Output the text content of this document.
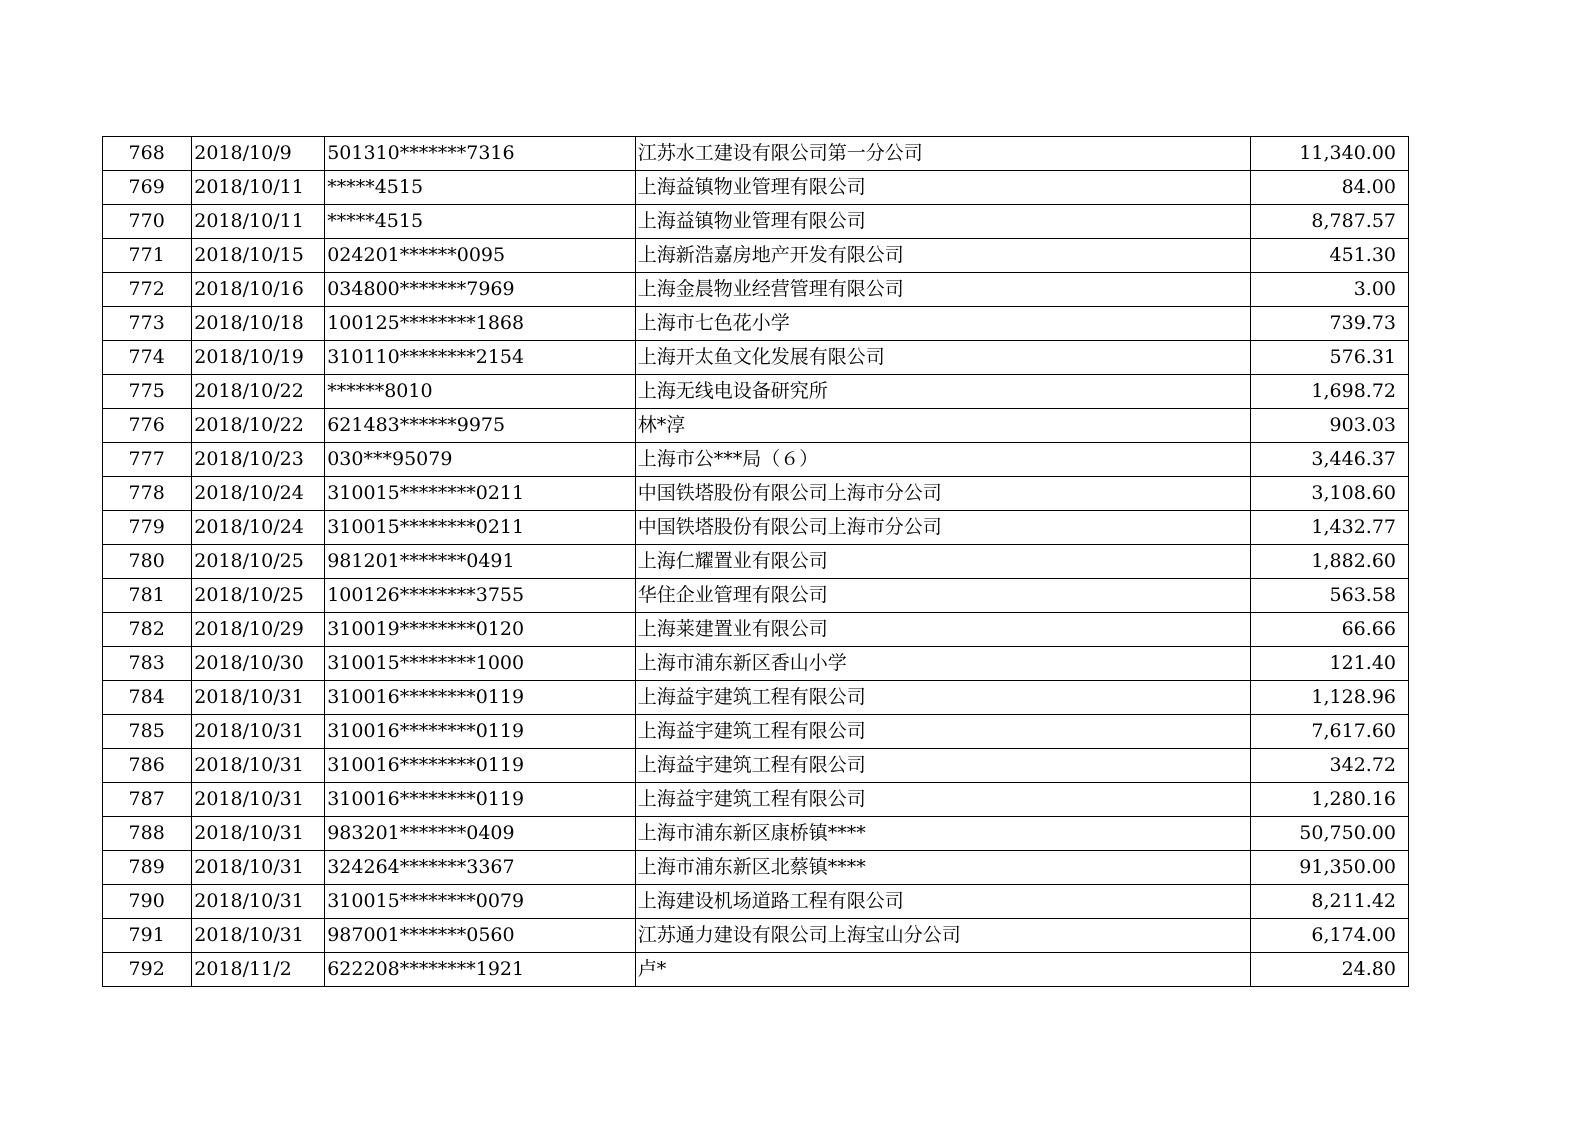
768	2018/10/9	501310*******7316	江苏水工建设有限公司第一分公司	11,340.00
769	2018/10/11	*****4515	上海益镇物业管理有限公司	84.00
770	2018/10/11	*****4515	上海益镇物业管理有限公司	8,787.57
771	2018/10/15	024201******0095	上海新浩嘉房地产开发有限公司	451.30
772	2018/10/16	034800*******7969	上海金晨物业经营管理有限公司	3.00
773	2018/10/18	100125********1868	上海市七色花小学	739.73
774	2018/10/19	310110********2154	上海开太鱼文化发展有限公司	576.31
775	2018/10/22	******8010	上海无线电设备研究所	1,698.72
776	2018/10/22	621483******9975	林*淳	903.03
777	2018/10/23	030***95079	上海市公***局（６）	3,446.37
778	2018/10/24	310015********0211	中国铁塔股份有限公司上海市分公司	3,108.60
779	2018/10/24	310015********0211	中国铁塔股份有限公司上海市分公司	1,432.77
780	2018/10/25	981201*******0491	上海仁耀置业有限公司	1,882.60
781	2018/10/25	100126********3755	华住企业管理有限公司	563.58
782	2018/10/29	310019********0120	上海莱建置业有限公司	66.66
783	2018/10/30	310015********1000	上海市浦东新区香山小学	121.40
784	2018/10/31	310016********0119	上海益宇建筑工程有限公司	1,128.96
785	2018/10/31	310016********0119	上海益宇建筑工程有限公司	7,617.60
786	2018/10/31	310016********0119	上海益宇建筑工程有限公司	342.72
787	2018/10/31	310016********0119	上海益宇建筑工程有限公司	1,280.16
788	2018/10/31	983201*******0409	上海市浦东新区康桥镇****	50,750.00
789	2018/10/31	324264*******3367	上海市浦东新区北蔡镇****	91,350.00
790	2018/10/31	310015********0079	上海建设机场道路工程有限公司	8,211.42
791	2018/10/31	987001*******0560	江苏通力建设有限公司上海宝山分公司	6,174.00
792	2018/11/2	622208********1921	卢*	24.80
